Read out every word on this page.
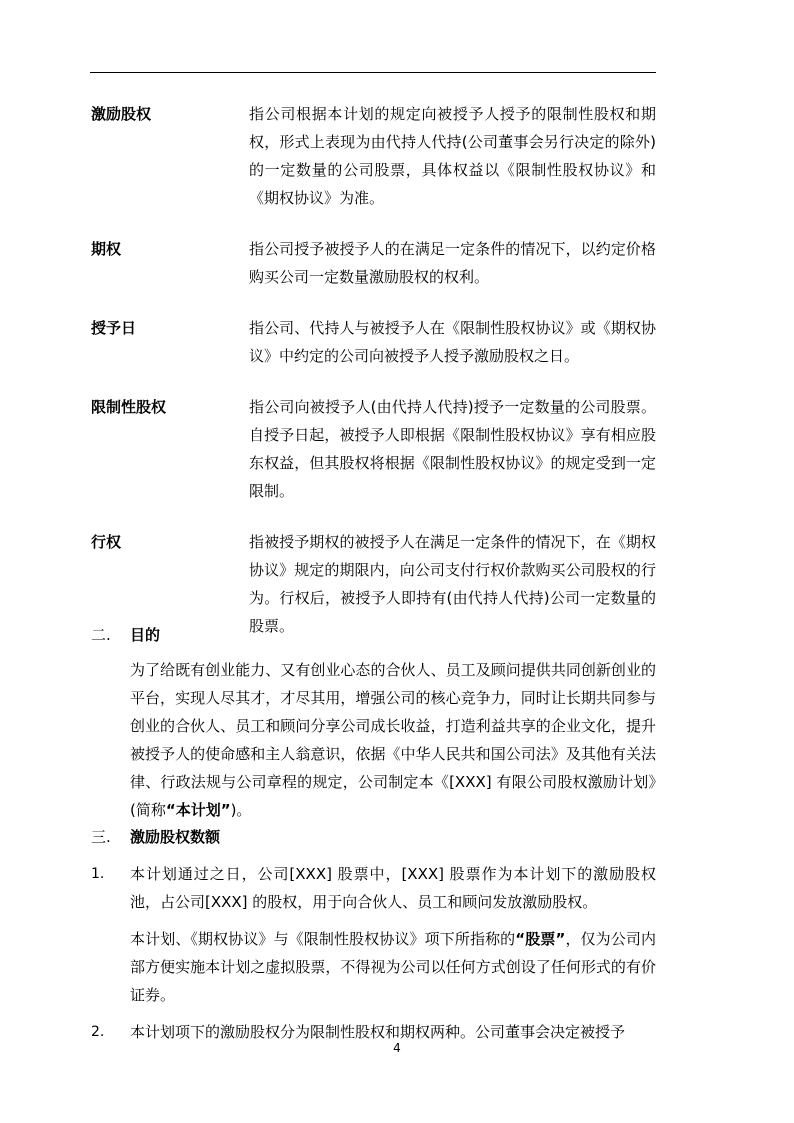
激励股权	指公司根据本计划的规定向被授予人授予的限制性股权和期权，形式上表现为由代持人代持(公司董事会另行决定的除外)的一定数量的公司股票，具体权益以《限制性股权协议》和《期权协议》为准。
期权	指公司授予被授予人的在满足一定条件的情况下，以约定价格购买公司一定数量激励股权的权利。
授予日	指公司、代持人与被授予人在《限制性股权协议》或《期权协议》中约定的公司向被授予人授予激励股权之日。
限制性股权	指公司向被授予人(由代持人代持)授予一定数量的公司股票。自授予日起，被授予人即根据《限制性股权协议》享有相应股东权益，但其股权将根据《限制性股权协议》的规定受到一定限制。
行权	指被授予期权的被授予人在满足一定条件的情况下，在《期权协议》规定的期限内，向公司支付行权价款购买公司股权的行为。行权后，被授予人即持有(由代持人代持)公司一定数量的股票。
二.	目的
为了给既有创业能力、又有创业心态的合伙人、员工及顾问提供共同创新创业的平台，实现人尽其才，才尽其用，增强公司的核心竞争力，同时让长期共同参与创业的合伙人、员工和顾问分享公司成长收益，打造利益共享的企业文化，提升被授予人的使命感和主人翁意识，依据《中华人民共和国公司法》及其他有关法律、行政法规与公司章程的规定，公司制定本《[XXX] 有限公司股权激励计划》(简称“本计划”)。
三.	激励股权数额
1.	本计划通过之日，公司[XXX] 股票中，[XXX] 股票作为本计划下的激励股权池，占公司[XXX] 的股权，用于向合伙人、员工和顾问发放激励股权。
本计划、《期权协议》与《限制性股权协议》项下所指称的“股票”，仅为公司内部方便实施本计划之虚拟股票，不得视为公司以任何方式创设了任何形式的有价证券。
2.	本计划项下的激励股权分为限制性股权和期权两种。公司董事会决定被授予
4
